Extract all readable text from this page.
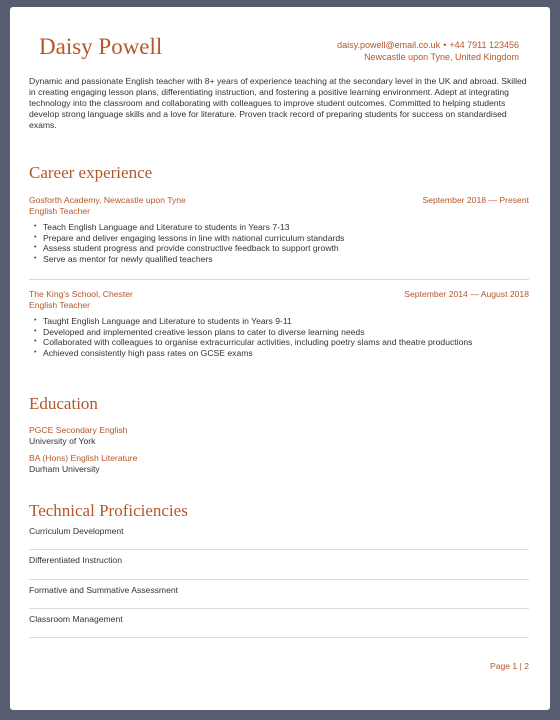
Daisy Powell	daisy.powell@email.co.uk • +44 7911 123456
Newcastle upon Tyne, United Kingdom

Dynamic and passionate English teacher with 8+ years of experience teaching at the secondary level in the UK and abroad. Skilled in creating engaging lesson plans, differentiating instruction, and fostering a positive learning environment. Adept at integrating technology into the classroom and collaborating with colleagues to improve student outcomes. Committed to helping students develop strong language skills and a love for literature. Proven track record of preparing students for success on standardised exams.

Career experience
Gosforth Academy, Newcastle upon Tyne	September 2018 — Present
English Teacher
• Teach English Language and Literature to students in Years 7-13
• Prepare and deliver engaging lessons in line with national curriculum standards
• Assess student progress and provide constructive feedback to support growth
• Serve as mentor for newly qualified teachers
The King's School, Chester	September 2014 — August 2018
English Teacher
• Taught English Language and Literature to students in Years 9-11
• Developed and implemented creative lesson plans to cater to diverse learning needs
• Collaborated with colleagues to organise extracurricular activities, including poetry slams and theatre productions
• Achieved consistently high pass rates on GCSE exams
Education
PGCE Secondary English
University of York
BA (Hons) English Literature
Durham University
Technical Proficiencies
Curriculum Development
Differentiated Instruction
Formative and Summative Assessment
Classroom Management
Page 1 | 2
